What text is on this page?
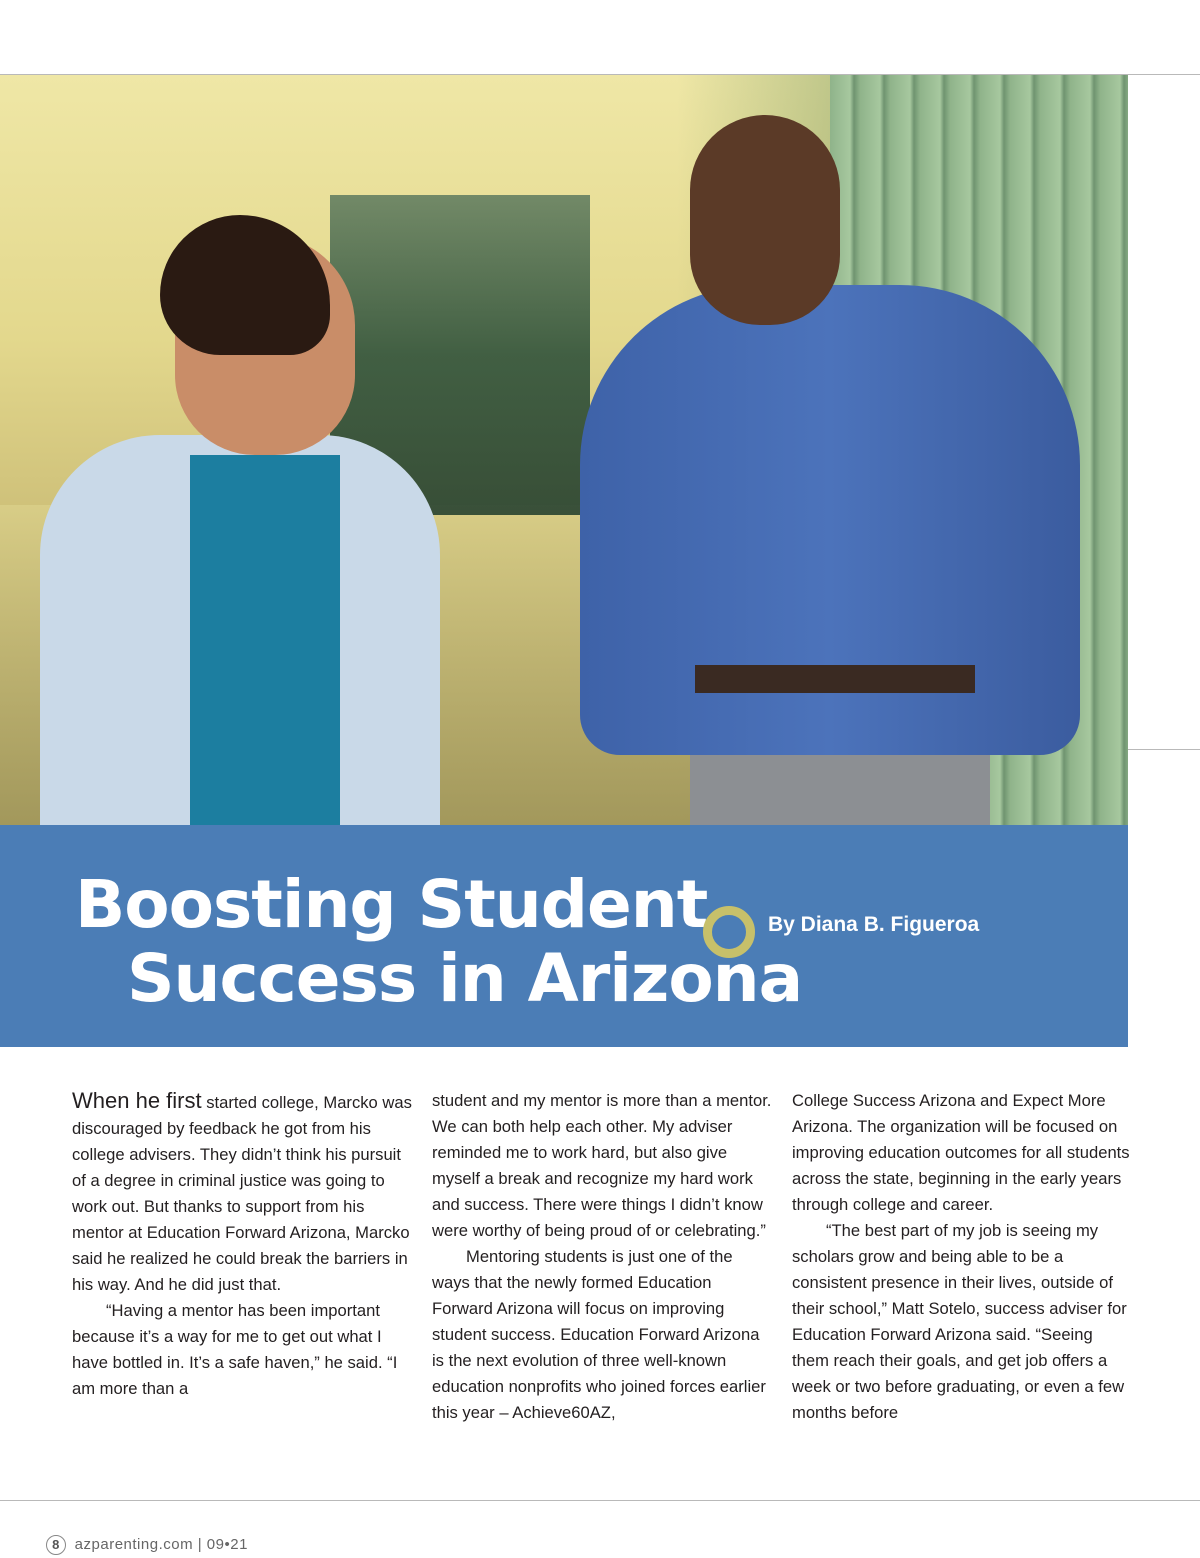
Boosting Student
Success in Arizona
By Diana B. Figueroa

When he first started college, Marcko was discouraged by feedback he got from his college advisers. They didn’t think his pursuit of a degree in criminal justice was going to work out. But thanks to support from his mentor at Education Forward Arizona, Marcko said he realized he could break the barriers in his way. And he did just that.

“Having a mentor has been important because it’s a way for me to get out what I have bottled in. It’s a safe haven,” he said. “I am more than a

student and my mentor is more than a mentor. We can both help each other. My adviser reminded me to work hard, but also give myself a break and recognize my hard work and success. There were things I didn’t know were worthy of being proud of or celebrating.”

Mentoring students is just one of the ways that the newly formed Education Forward Arizona will focus on improving student success. Education Forward Arizona is the next evolution of three well-known education nonprofits who joined forces earlier this year – Achieve60AZ,

College Success Arizona and Expect More Arizona. The organization will be focused on improving education outcomes for all students across the state, beginning in the early years through college and career.

“The best part of my job is seeing my scholars grow and being able to be a consistent presence in their lives, outside of their school,” Matt Sotelo, success adviser for Education Forward Arizona said. “Seeing them reach their goals, and get job offers a week or two before graduating, or even a few months before

8 azparenting.com | 09•21
